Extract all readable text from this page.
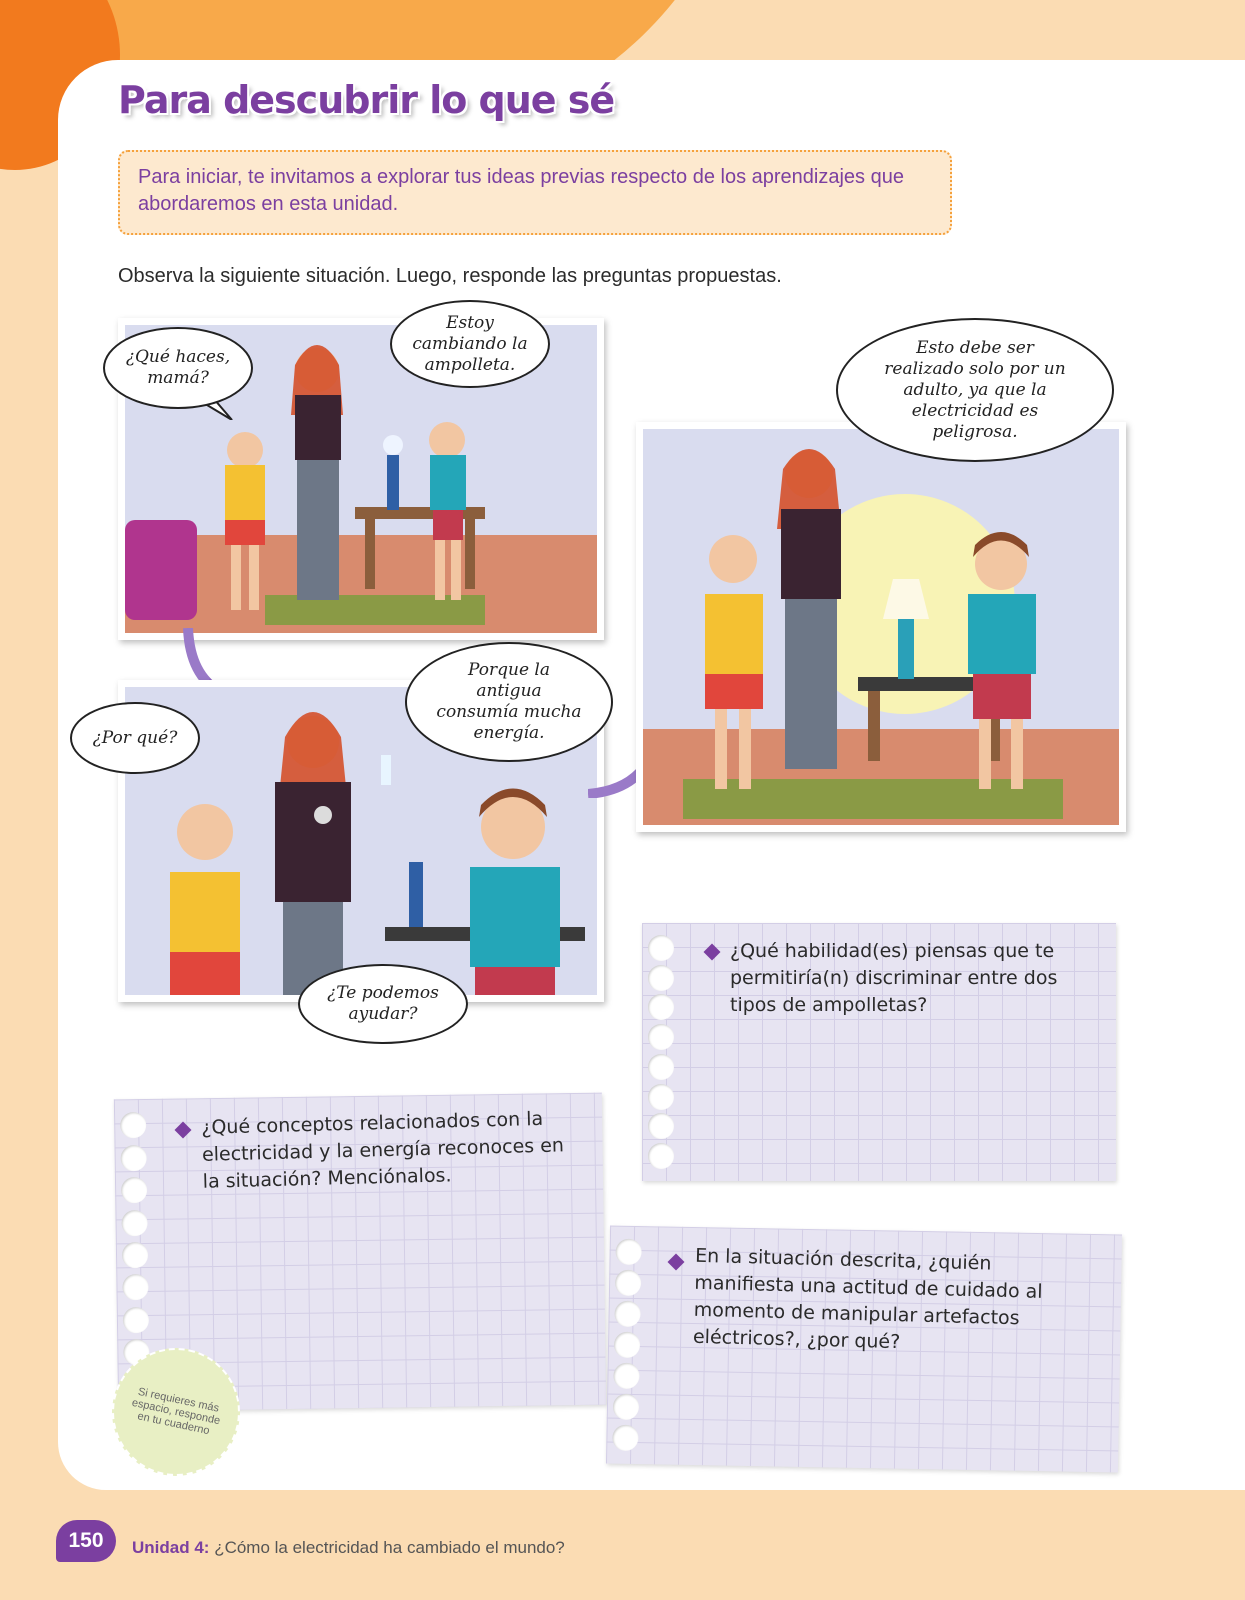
Para descubrir lo que sé
Para iniciar, te invitamos a explorar tus ideas previas respecto de los aprendizajes que abordaremos en esta unidad.

Observa la siguiente situación. Luego, responde las preguntas propuestas.

¿Qué haces, mamá?
Estoy cambiando la ampolleta.
¿Por qué?
Porque la antigua consumía mucha energía.
¿Te podemos ayudar?
Esto debe ser realizado solo por un adulto, ya que la electricidad es peligrosa.

¿Qué habilidad(es) piensas que te permitiría(n) discriminar entre dos tipos de ampolletas?

¿Qué conceptos relacionados con la electricidad y la energía reconoces en la situación? Menciónalos.

En la situación descrita, ¿quién manifiesta una actitud de cuidado al momento de manipular artefactos eléctricos?, ¿por qué?

Si requieres más espacio, responde en tu cuaderno
150 Unidad 4: ¿Cómo la electricidad ha cambiado el mundo?
